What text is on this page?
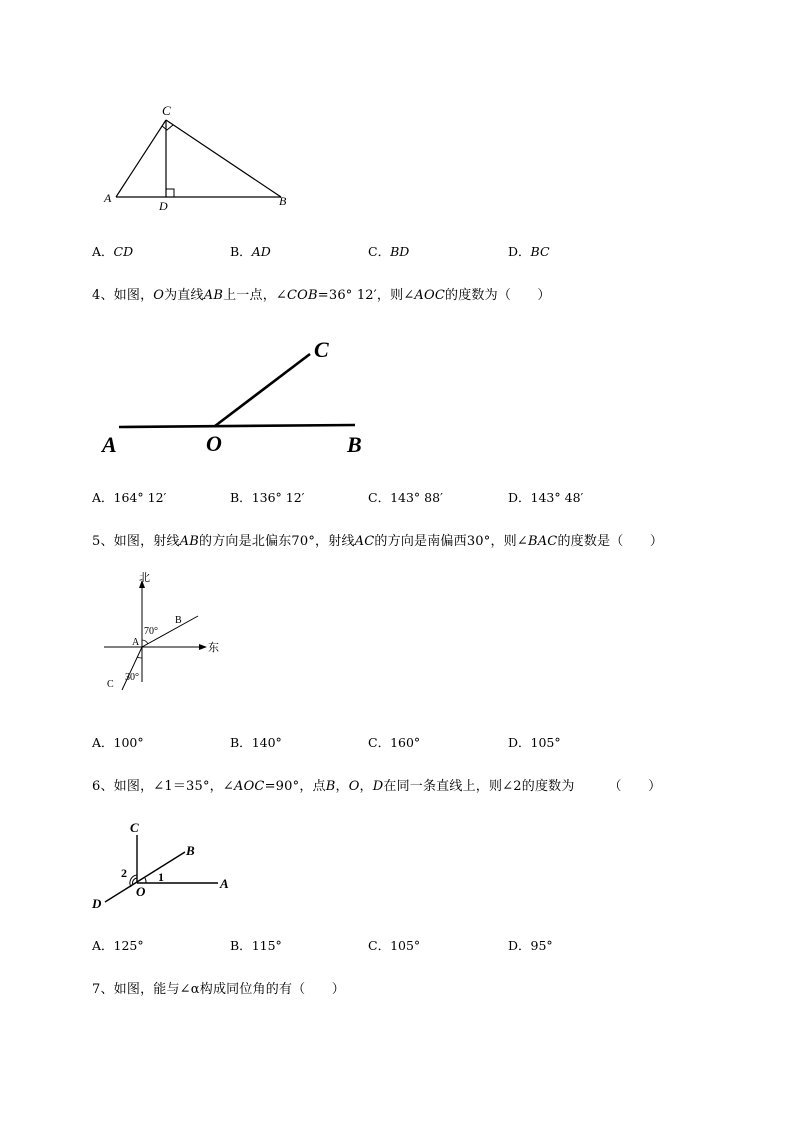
C
A
D	B
A．CD	B．AD	C．BD	D．BC
4、如图，O为直线AB上一点，∠COB=36° 12′，则∠AOC的度数为（　　）
A	O	B
C
A．164° 12′	B．136° 12′	C．143° 88′	D．143° 48′
5、如图，射线AB的方向是北偏东70°，射线AC的方向是南偏西30°，则∠BAC的度数是（　　）
北
东
A
B
C
70°
30°
A．100°	B．140°	C．160°	D．105°
6、如图，∠1＝35°，∠AOC=90°，点B，O，D在同一条直线上，则∠2的度数为	（　　）
C
B
A
D
O
1
2
A．125°	B．115°	C．105°	D．95°
7、如图，能与∠α构成同位角的有（　　）
